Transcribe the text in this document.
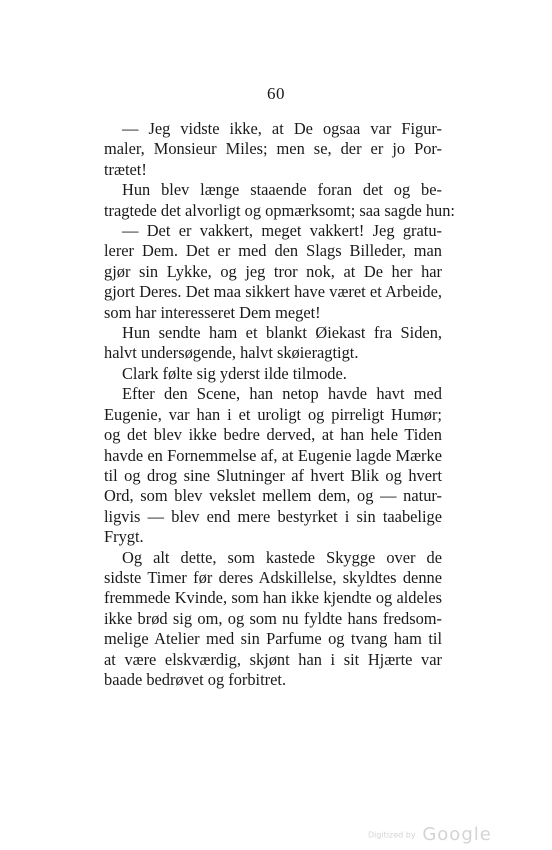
60

— Jeg vidste ikke, at De ogsaa var Figur-
maler, Monsieur Miles; men se, der er jo Por-
trætet!

Hun blev længe staaende foran det og be-
tragtede det alvorligt og opmærksomt; saa sagde hun:

— Det er vakkert, meget vakkert! Jeg gratu-
lerer Dem. Det er med den Slags Billeder, man
gjør sin Lykke, og jeg tror nok, at De her har
gjort Deres. Det maa sikkert have været et Arbeide,
som har interesseret Dem meget!

Hun sendte ham et blankt Øiekast fra Siden,
halvt undersøgende, halvt skøieragtigt.

Clark følte sig yderst ilde tilmode.

Efter den Scene, han netop havde havt med
Eugenie, var han i et uroligt og pirreligt Humør;
og det blev ikke bedre derved, at han hele Tiden
havde en Fornemmelse af, at Eugenie lagde Mærke
til og drog sine Slutninger af hvert Blik og hvert
Ord, som blev vekslet mellem dem, og — natur-
ligvis — blev end mere bestyrket i sin taabelige
Frygt.

Og alt dette, som kastede Skygge over de
sidste Timer før deres Adskillelse, skyldtes denne
fremmede Kvinde, som han ikke kjendte og aldeles
ikke brød sig om, og som nu fyldte hans fredsom-
melige Atelier med sin Parfume og tvang ham til
at være elskværdig, skjønt han i sit Hjærte var
baade bedrøvet og forbitret.

Digitized by Google
